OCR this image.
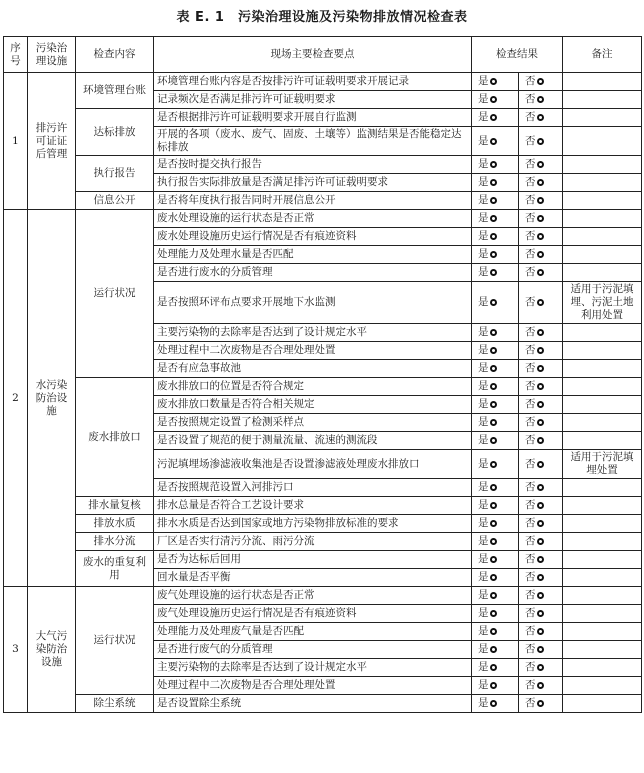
表 E. 1　污染治理设施及污染物排放情况检查表
序号	污染治理设施	检查内容	现场主要检查要点	检查结果		备注
1	排污许可证证后管理	环境管理台账	环境管理台账内容是否按排污许可证载明要求开展记录	是	否	
			记录频次是否满足排污许可证载明要求	是	否	
		达标排放	是否根据排污许可证载明要求开展自行监测	是	否	
			开展的各项（废水、废气、固废、土壤等）监测结果是否能稳定达标排放	是	否	
		执行报告	是否按时提交执行报告	是	否	
			执行报告实际排放量是否满足排污许可证载明要求	是	否	
		信息公开	是否将年度执行报告同时开展信息公开	是	否	
2	水污染防治设施	运行状况	废水处理设施的运行状态是否正常	是	否	
			废水处理设施历史运行情况是否有痕迹资料	是	否	
			处理能力及处理水量是否匹配	是	否	
			是否进行废水的分质管理	是	否	
			是否按照环评布点要求开展地下水监测	是	否	适用于污泥填埋、污泥土地利用处置
			主要污染物的去除率是否达到了设计规定水平	是	否	
			处理过程中二次废物是否合理处理处置	是	否	
			是否有应急事故池	是	否	
		废水排放口	废水排放口的位置是否符合规定	是	否	
			废水排放口数量是否符合相关规定	是	否	
			是否按照规定设置了检测采样点	是	否	
			是否设置了规范的便于测量流量、流速的测流段	是	否	
			污泥填埋场渗滤液收集池是否设置渗滤液处理废水排放口	是	否	适用于污泥填埋处置
			是否按照规范设置入河排污口	是	否	
		排水量复核	排水总量是否符合工艺设计要求	是	否	
		排放水质	排水水质是否达到国家或地方污染物排放标准的要求	是	否	
		排水分流	厂区是否实行清污分流、雨污分流	是	否	
		废水的重复利用	是否为达标后回用	是	否	
			回水量是否平衡	是	否	
3	大气污染防治设施	运行状况	废气处理设施的运行状态是否正常	是	否	
			废气处理设施历史运行情况是否有痕迹资料	是	否	
			处理能力及处理废气量是否匹配	是	否	
			是否进行废气的分质管理	是	否	
			主要污染物的去除率是否达到了设计规定水平	是	否	
			处理过程中二次废物是否合理处理处置	是	否	
		除尘系统	是否设置除尘系统	是	否	
